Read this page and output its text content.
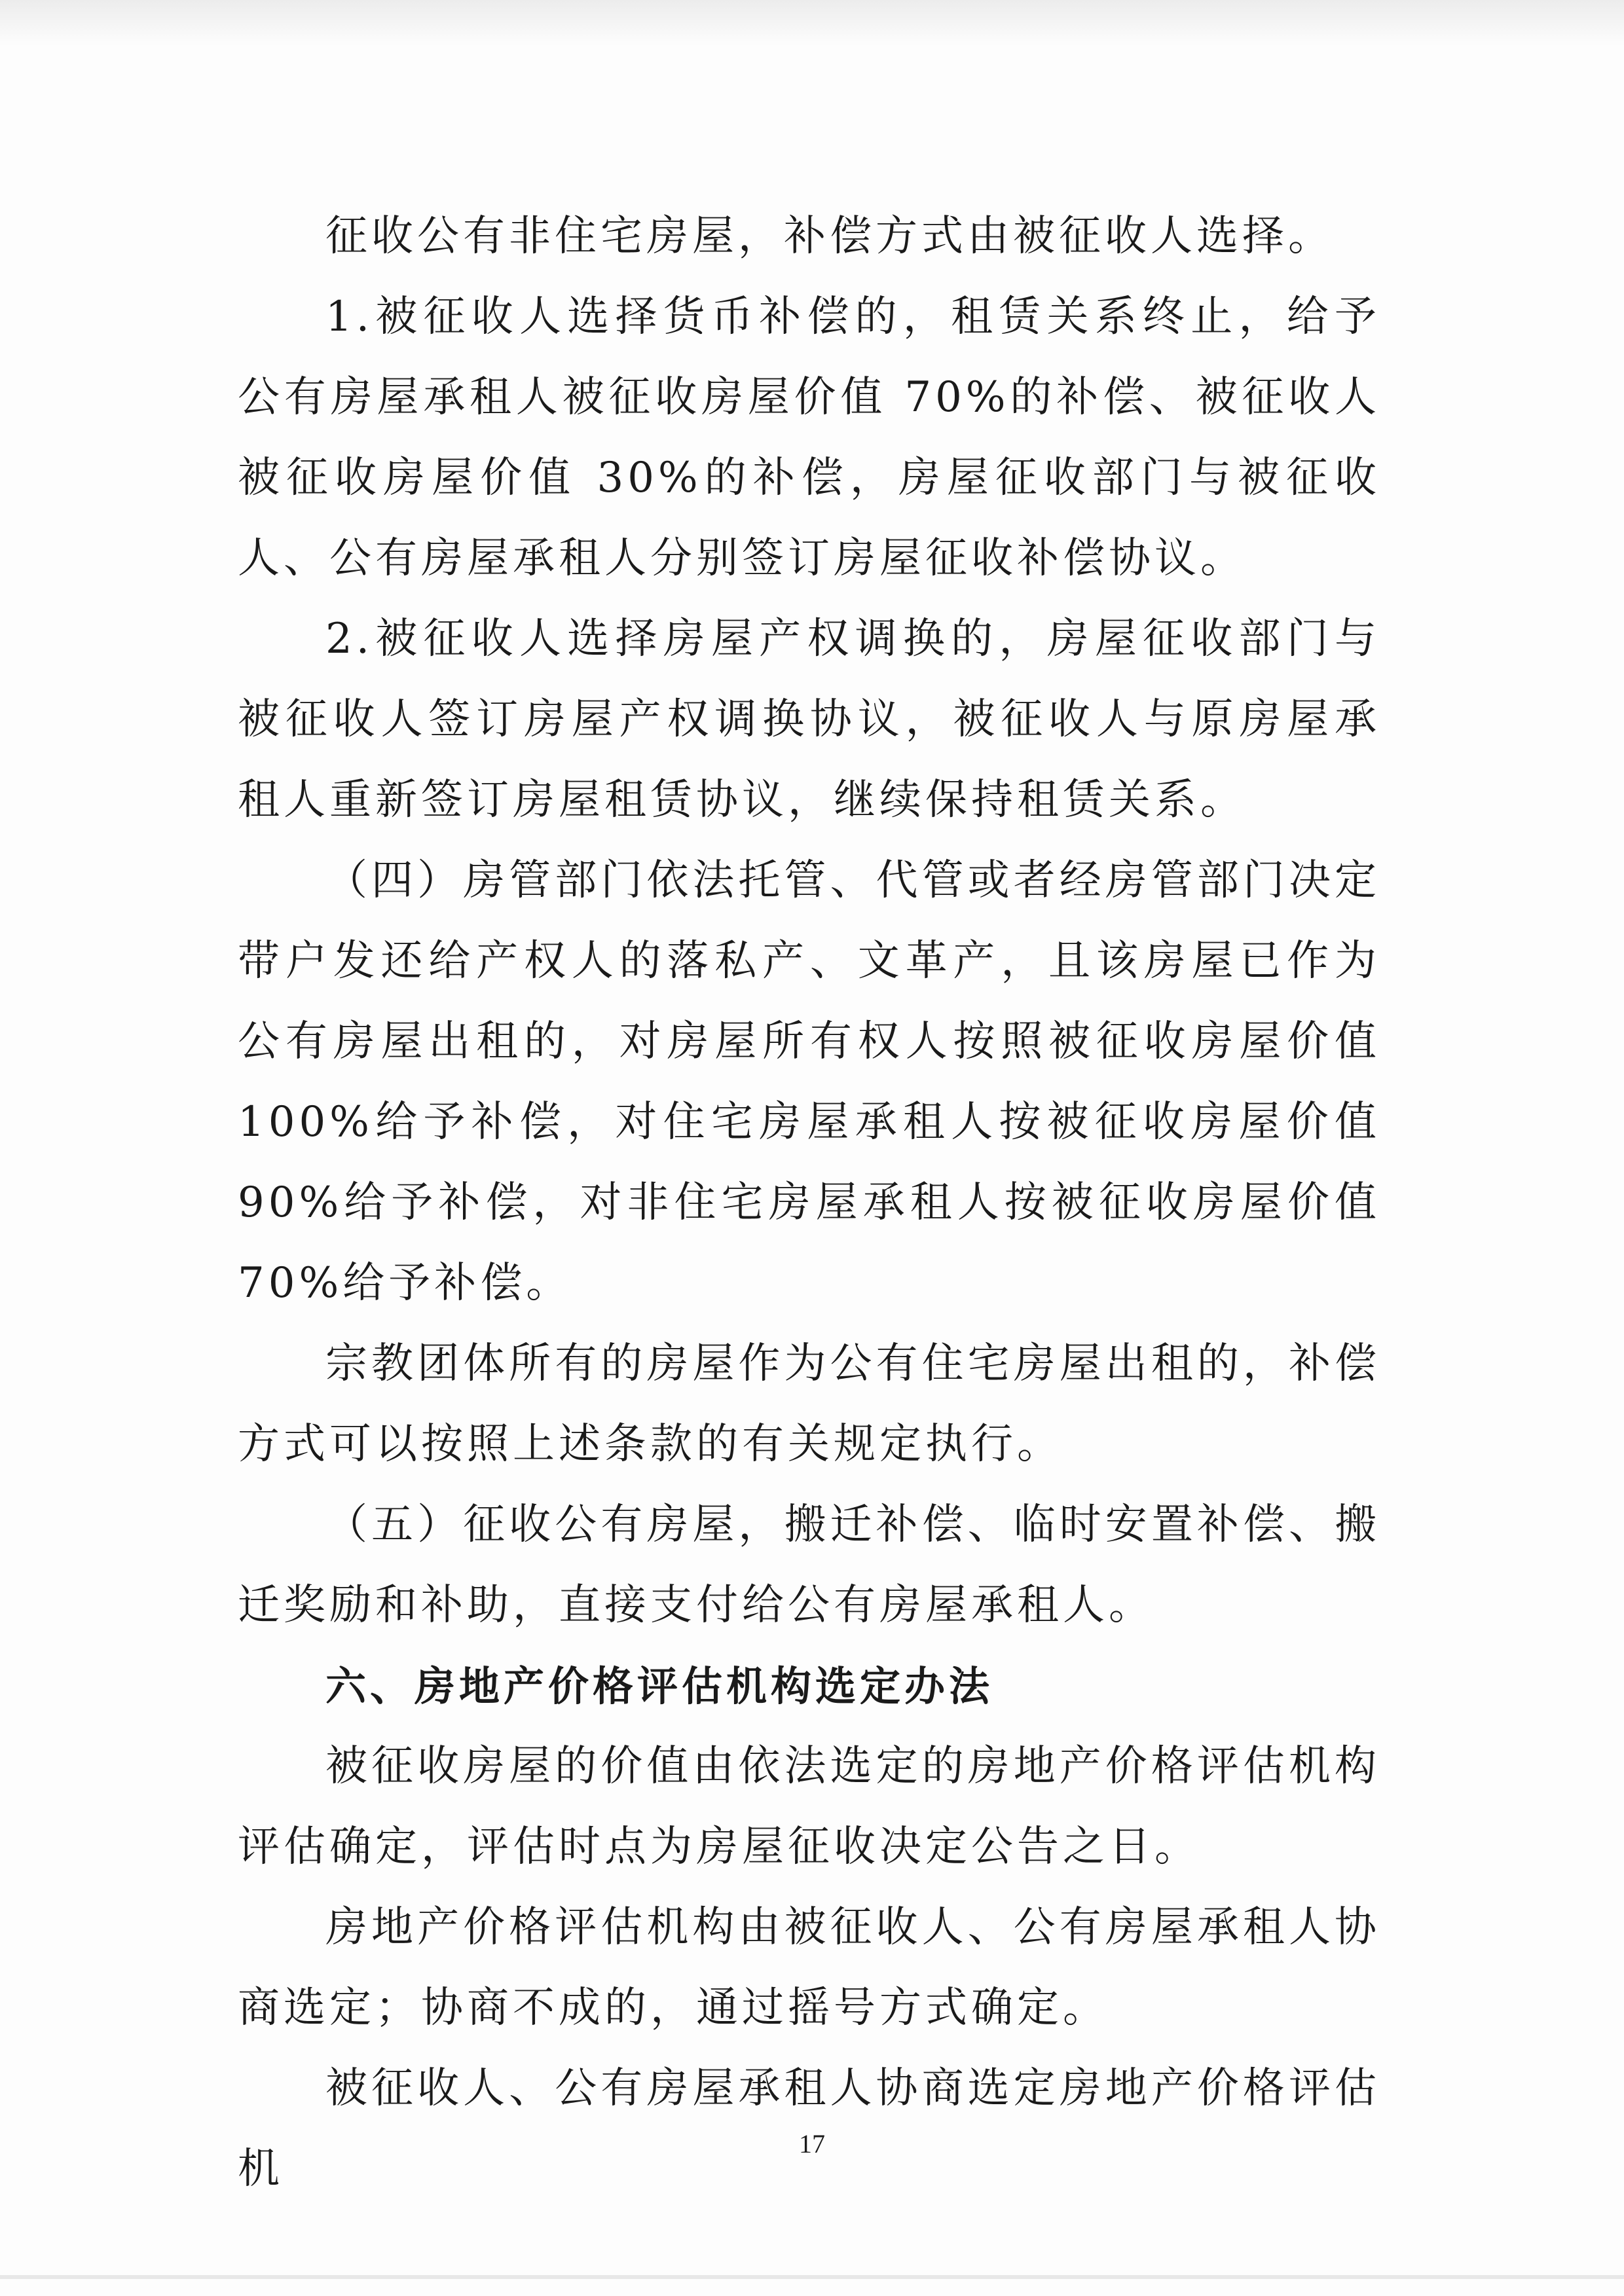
征收公有非住宅房屋，补偿方式由被征收人选择。

1.被征收人选择货币补偿的，租赁关系终止，给予公有房屋承租人被征收房屋价值 70%的补偿、被征收人被征收房屋价值 30%的补偿，房屋征收部门与被征收人、公有房屋承租人分别签订房屋征收补偿协议。

2.被征收人选择房屋产权调换的，房屋征收部门与被征收人签订房屋产权调换协议，被征收人与原房屋承租人重新签订房屋租赁协议，继续保持租赁关系。

（四）房管部门依法托管、代管或者经房管部门决定带户发还给产权人的落私产、文革产，且该房屋已作为公有房屋出租的，对房屋所有权人按照被征收房屋价值 100%给予补偿，对住宅房屋承租人按被征收房屋价值 90%给予补偿，对非住宅房屋承租人按被征收房屋价值 70%给予补偿。

宗教团体所有的房屋作为公有住宅房屋出租的，补偿方式可以按照上述条款的有关规定执行。

（五）征收公有房屋，搬迁补偿、临时安置补偿、搬迁奖励和补助，直接支付给公有房屋承租人。

六、房地产价格评估机构选定办法

被征收房屋的价值由依法选定的房地产价格评估机构评估确定，评估时点为房屋征收决定公告之日。

房地产价格评估机构由被征收人、公有房屋承租人协商选定；协商不成的，通过摇号方式确定。

被征收人、公有房屋承租人协商选定房地产价格评估机

17
